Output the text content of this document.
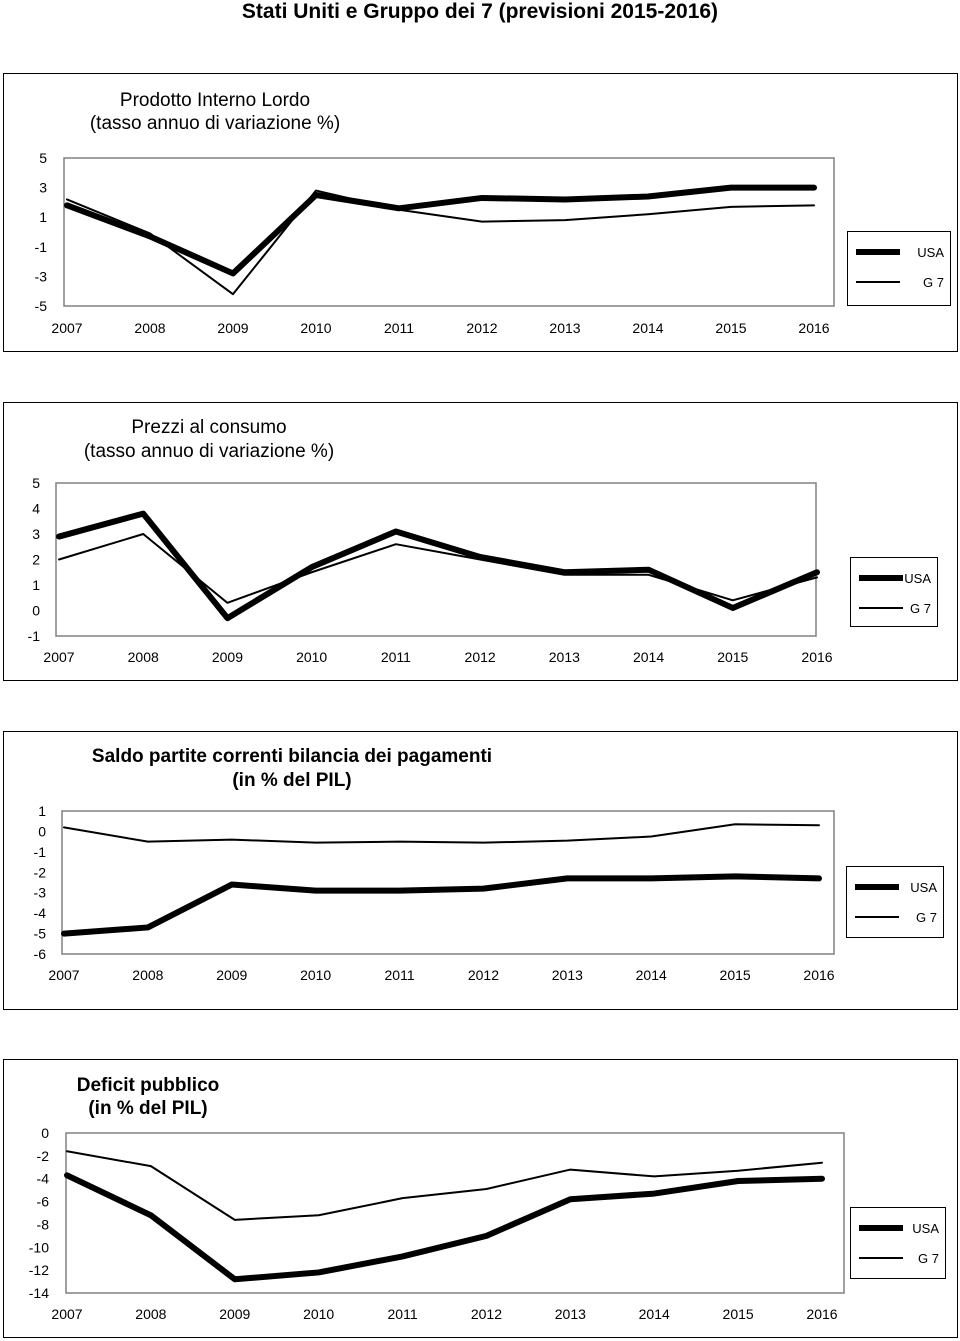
Stati Uniti e Gruppo dei 7 (previsioni 2015-2016)
Prodotto Interno Lordo
(tasso annuo di variazione %)
5
3
1
-1
-3
-5
2007	2008	2009	2010	2011	2012	2013	2014	2015	2016
USA
G 7
Prezzi al consumo
(tasso annuo di variazione %)
5
4
3
2
1
0
-1
2007	2008	2009	2010	2011	2012	2013	2014	2015	2016
USA
G 7
Saldo partite correnti bilancia dei pagamenti
(in % del PIL)
1
0
-1
-2
-3
-4
-5
-6
2007	2008	2009	2010	2011	2012	2013	2014	2015	2016
USA
G 7
Deficit pubblico
(in % del PIL)
0
-2
-4
-6
-8
-10
-12
-14
2007	2008	2009	2010	2011	2012	2013	2014	2015	2016
USA
G 7
